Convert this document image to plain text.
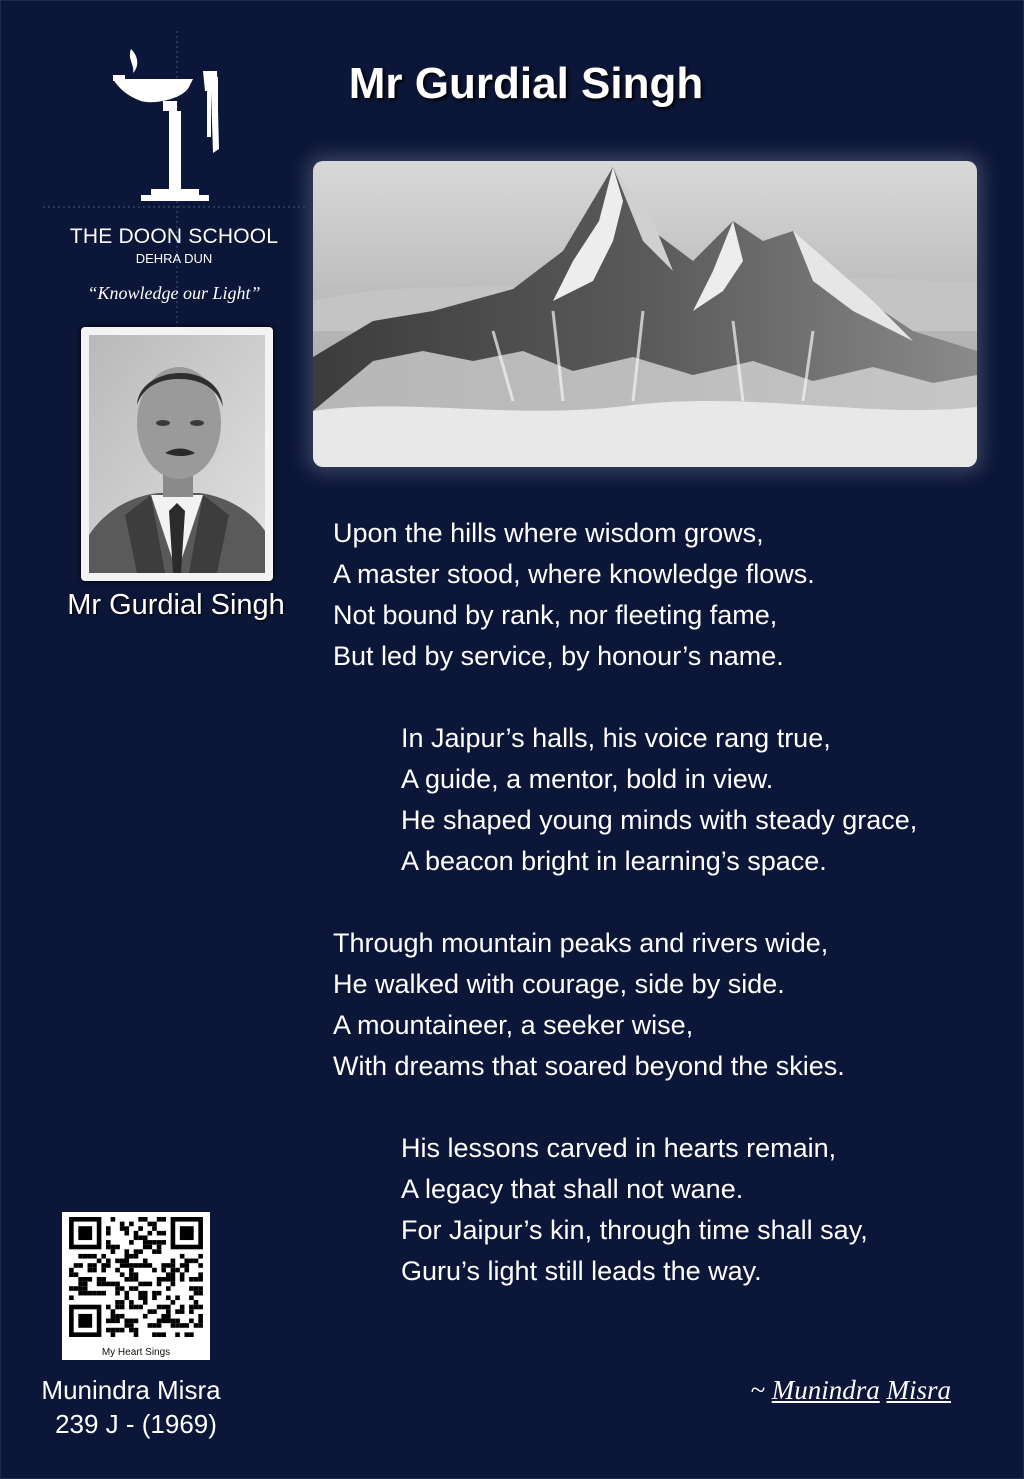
THE DOON SCHOOL
DEHRA DUN
“Knowledge our Light”
Mr Gurdial Singh
Mr Gurdial Singh
Upon the hills where wisdom grows,
A master stood, where knowledge flows.
Not bound by rank, nor fleeting fame,
But led by service, by honour’s name.
In Jaipur’s halls, his voice rang true,
A guide, a mentor, bold in view.
He shaped young minds with steady grace,
A beacon bright in learning’s space.
Through mountain peaks and rivers wide,
He walked with courage, side by side.
A mountaineer, a seeker wise,
With dreams that soared beyond the skies.
His lessons carved in hearts remain,
A legacy that shall not wane.
For Jaipur’s kin, through time shall say,
Guru’s light still leads the way.
My Heart Sings
Munindra Misra
239 J - (1969)
~ Munindra Misra
